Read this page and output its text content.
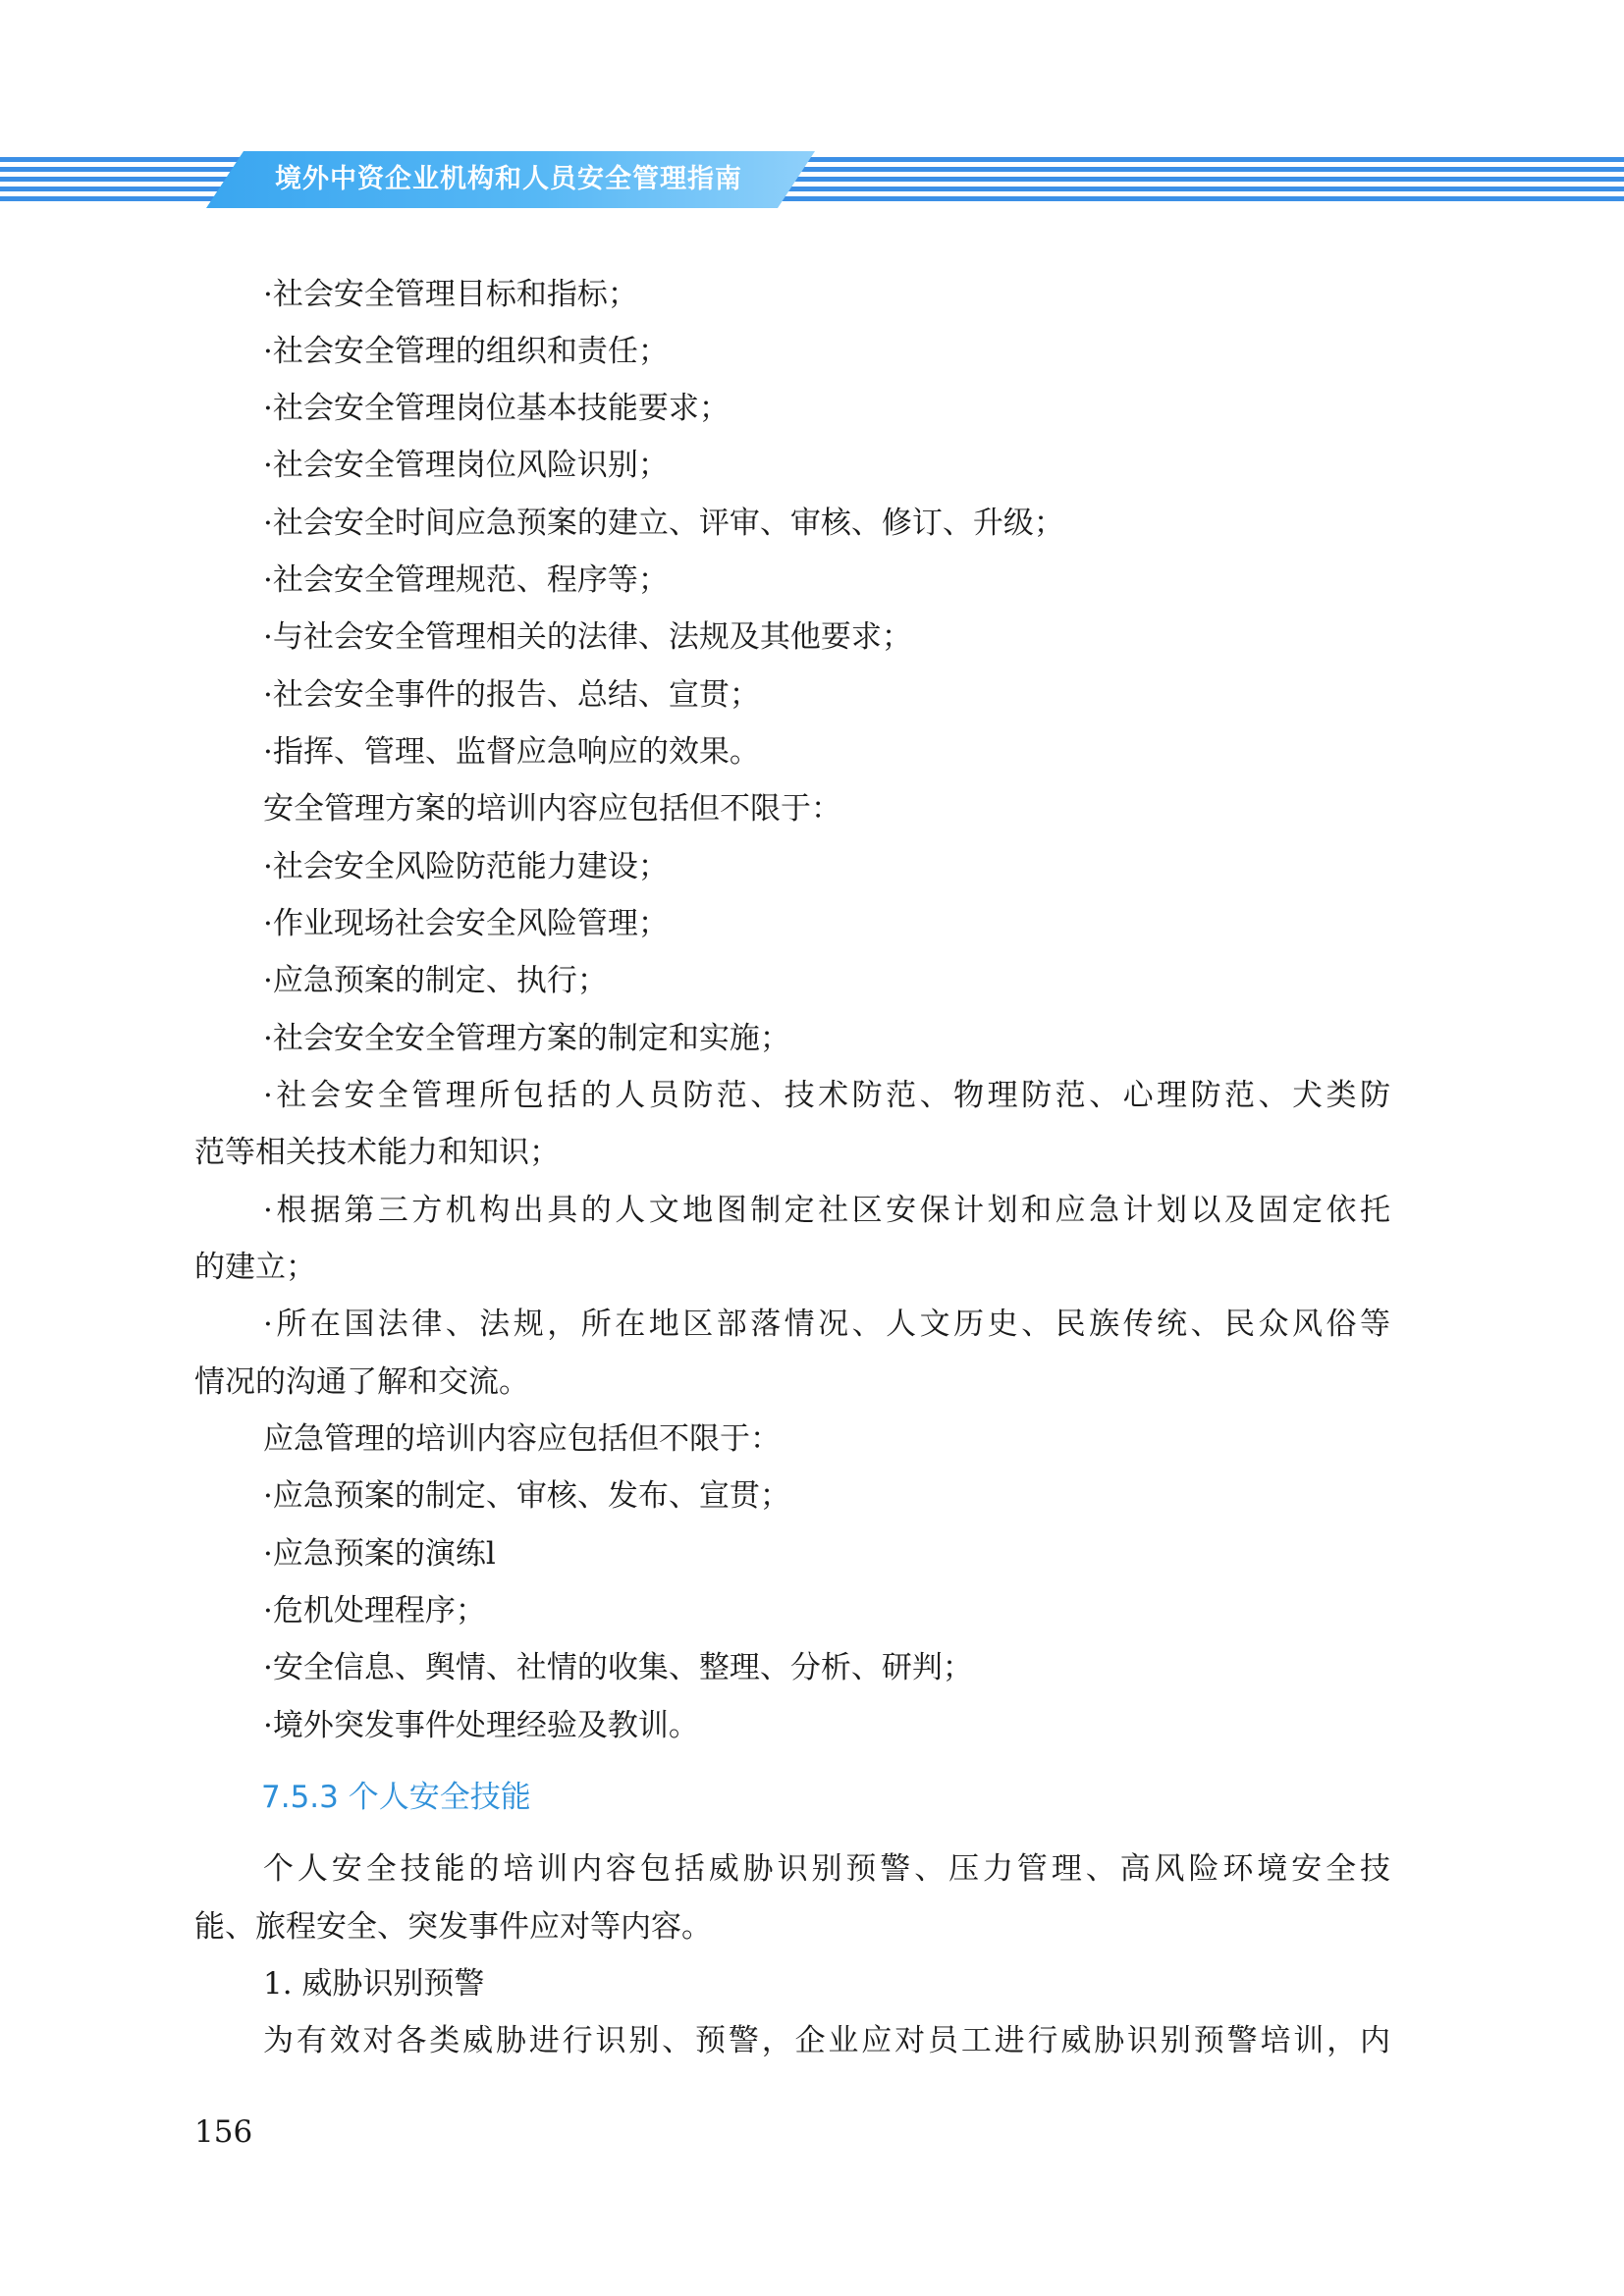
境外中资企业机构和人员安全管理指南
·社会安全管理目标和指标；
·社会安全管理的组织和责任；
·社会安全管理岗位基本技能要求；
·社会安全管理岗位风险识别；
·社会安全时间应急预案的建立、评审、审核、修订、升级；
·社会安全管理规范、程序等；
·与社会安全管理相关的法律、法规及其他要求；
·社会安全事件的报告、总结、宣贯；
·指挥、管理、监督应急响应的效果。
安全管理方案的培训内容应包括但不限于：
·社会安全风险防范能力建设；
·作业现场社会安全风险管理；
·应急预案的制定、执行；
·社会安全安全管理方案的制定和实施；
·社会安全管理所包括的人员防范、技术防范、物理防范、心理防范、犬类防
范等相关技术能力和知识；
·根据第三方机构出具的人文地图制定社区安保计划和应急计划以及固定依托
的建立；
·所在国法律、法规，所在地区部落情况、人文历史、民族传统、民众风俗等
情况的沟通了解和交流。
应急管理的培训内容应包括但不限于：
·应急预案的制定、审核、发布、宣贯；
·应急预案的演练l
·危机处理程序；
·安全信息、舆情、社情的收集、整理、分析、研判；
·境外突发事件处理经验及教训。
7.5.3 个人安全技能
个人安全技能的培训内容包括威胁识别预警、压力管理、高风险环境安全技
能、旅程安全、突发事件应对等内容。
1. 威胁识别预警
为有效对各类威胁进行识别、预警，企业应对员工进行威胁识别预警培训，内
156
